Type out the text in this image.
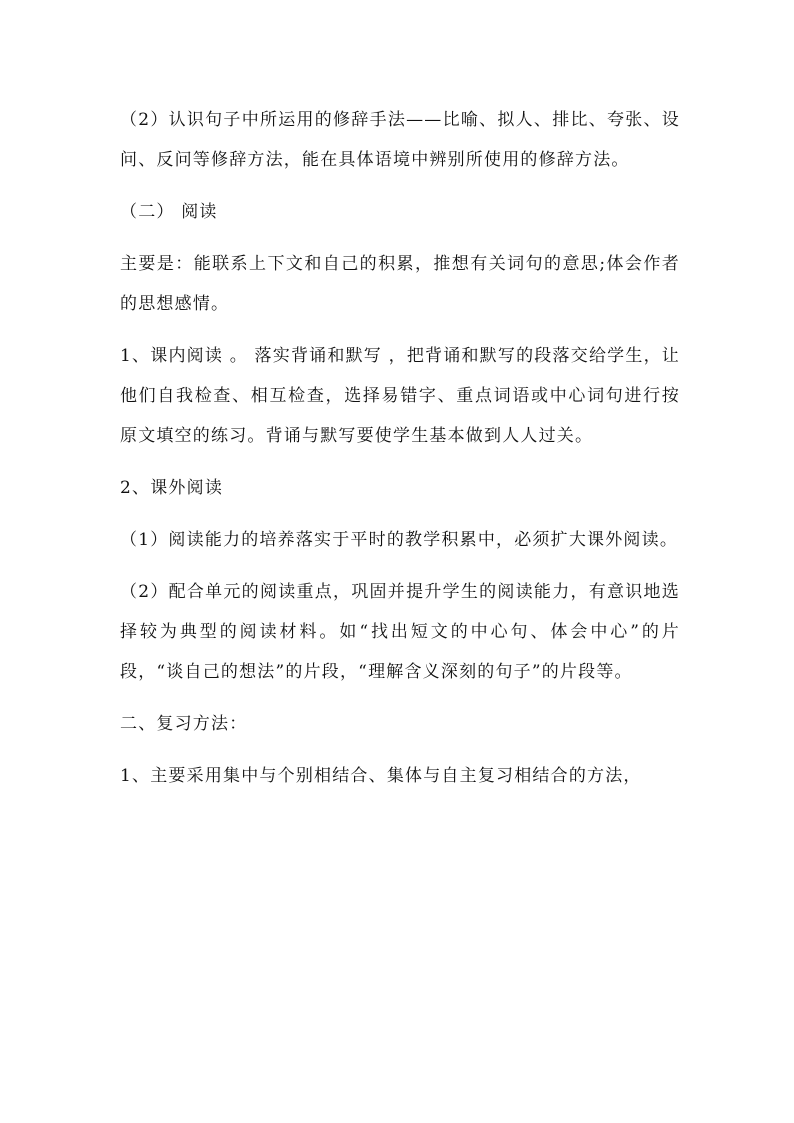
（2）认识句子中所运用的修辞手法——比喻、拟人、排比、夸张、设问、反问等修辞方法，能在具体语境中辨别所使用的修辞方法。

（二） 阅读

主要是：能联系上下文和自己的积累，推想有关词句的意思;体会作者的思想感情。

1、课内阅读 。 落实背诵和默写 ，把背诵和默写的段落交给学生，让他们自我检查、相互检查，选择易错字、重点词语或中心词句进行按原文填空的练习。背诵与默写要使学生基本做到人人过关。

2、课外阅读

（1）阅读能力的培养落实于平时的教学积累中，必须扩大课外阅读。

（2）配合单元的阅读重点，巩固并提升学生的阅读能力，有意识地选择较为典型的阅读材料。如“找出短文的中心句、体会中心”的片段，“谈自己的想法”的片段，“理解含义深刻的句子”的片段等。

二、复习方法：

1、主要采用集中与个别相结合、集体与自主复习相结合的方法，
